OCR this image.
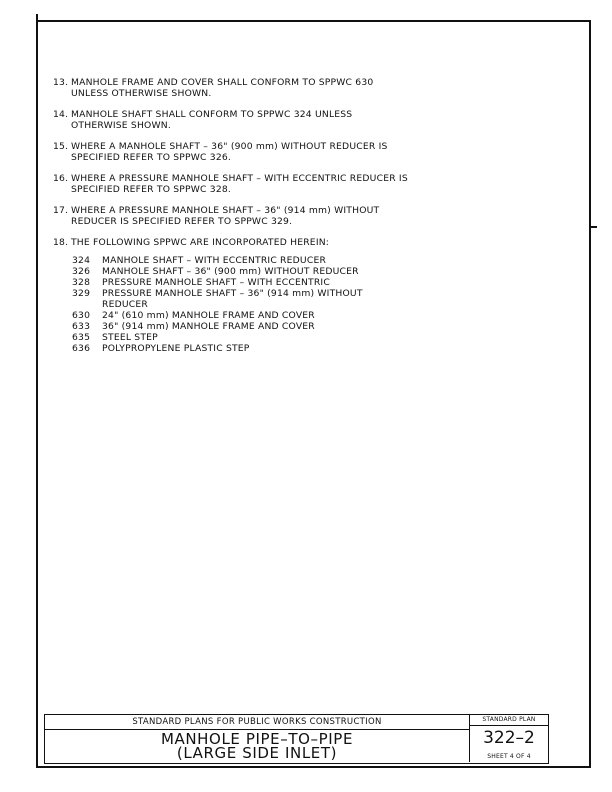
13. MANHOLE FRAME AND COVER SHALL CONFORM TO SPPWC 630
UNLESS OTHERWISE SHOWN.
14. MANHOLE SHAFT SHALL CONFORM TO SPPWC 324 UNLESS
OTHERWISE SHOWN.
15. WHERE A MANHOLE SHAFT – 36" (900 mm) WITHOUT REDUCER IS
SPECIFIED REFER TO SPPWC 326.
16. WHERE A PRESSURE MANHOLE SHAFT – WITH ECCENTRIC REDUCER IS
SPECIFIED REFER TO SPPWC 328.
17. WHERE A PRESSURE MANHOLE SHAFT – 36" (914 mm) WITHOUT
REDUCER IS SPECIFIED REFER TO SPPWC 329.
18. THE FOLLOWING SPPWC ARE INCORPORATED HEREIN:
324 MANHOLE SHAFT – WITH ECCENTRIC REDUCER
326 MANHOLE SHAFT – 36" (900 mm) WITHOUT REDUCER
328 PRESSURE MANHOLE SHAFT – WITH ECCENTRIC
329 PRESSURE MANHOLE SHAFT – 36" (914 mm) WITHOUT
REDUCER
630 24" (610 mm) MANHOLE FRAME AND COVER
633 36" (914 mm) MANHOLE FRAME AND COVER
635 STEEL STEP
636 POLYPROPYLENE PLASTIC STEP
STANDARD PLANS FOR PUBLIC WORKS CONSTRUCTION
MANHOLE PIPE–TO–PIPE
(LARGE SIDE INLET)
STANDARD PLAN
322–2
SHEET 4 OF 4
